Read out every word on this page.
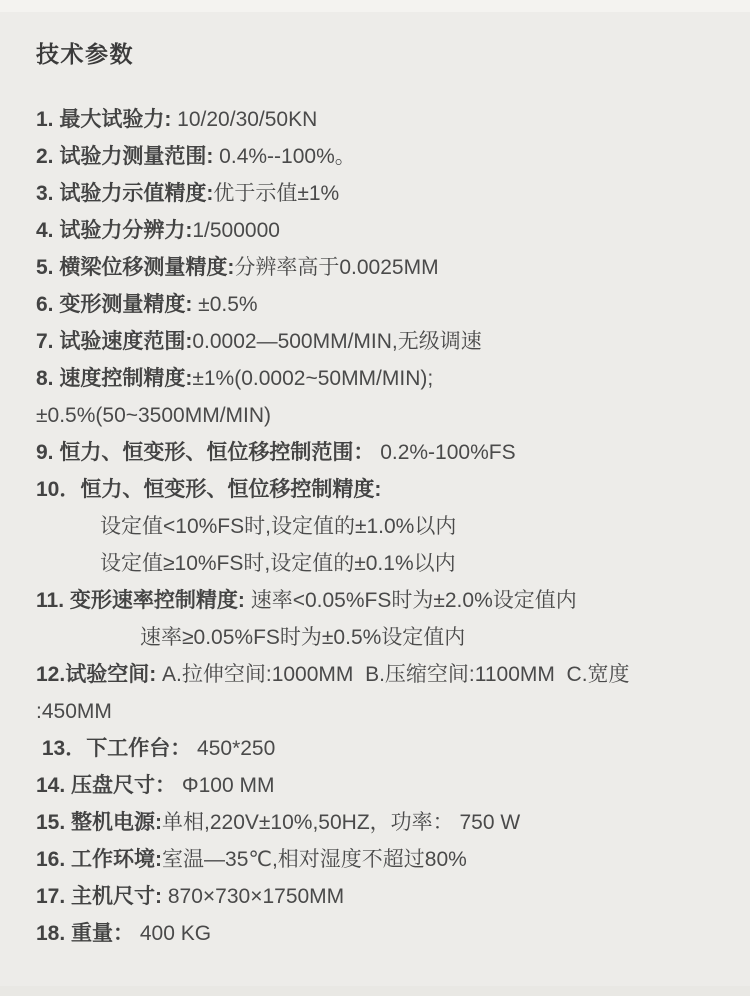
技术参数
1. 最大试验力: 10/20/30/50KN
2. 试验力测量范围: 0.4%--100%。
3. 试验力示值精度:优于示值±1%
4. 试验力分辨力:1/500000
5. 横梁位移测量精度:分辨率高于0.0025MM
6. 变形测量精度: ±0.5%
7. 试验速度范围:0.0002—500MM/MIN,无级调速
8. 速度控制精度:±1%(0.0002~50MM/MIN);
±0.5%(50~3500MM/MIN)
9. 恒力、恒变形、恒位移控制范围： 0.2%-100%FS
10．恒力、恒变形、恒位移控制精度:
设定值<10%FS时,设定值的±1.0%以内
设定值≥10%FS时,设定值的±0.1%以内
11. 变形速率控制精度: 速率<0.05%FS时为±2.0%设定值内
速率≥0.05%FS时为±0.5%设定值内
12.试验空间: A.拉伸空间:1000MM  B.压缩空间:1100MM  C.宽度
:450MM
13．下工作台： 450*250
14. 压盘尺寸： Φ100 MM
15. 整机电源:单相,220V±10%,50HZ，功率： 750 W
16. 工作环境:室温—35℃,相对湿度不超过80%
17. 主机尺寸: 870×730×1750MM
18. 重量： 400 KG
